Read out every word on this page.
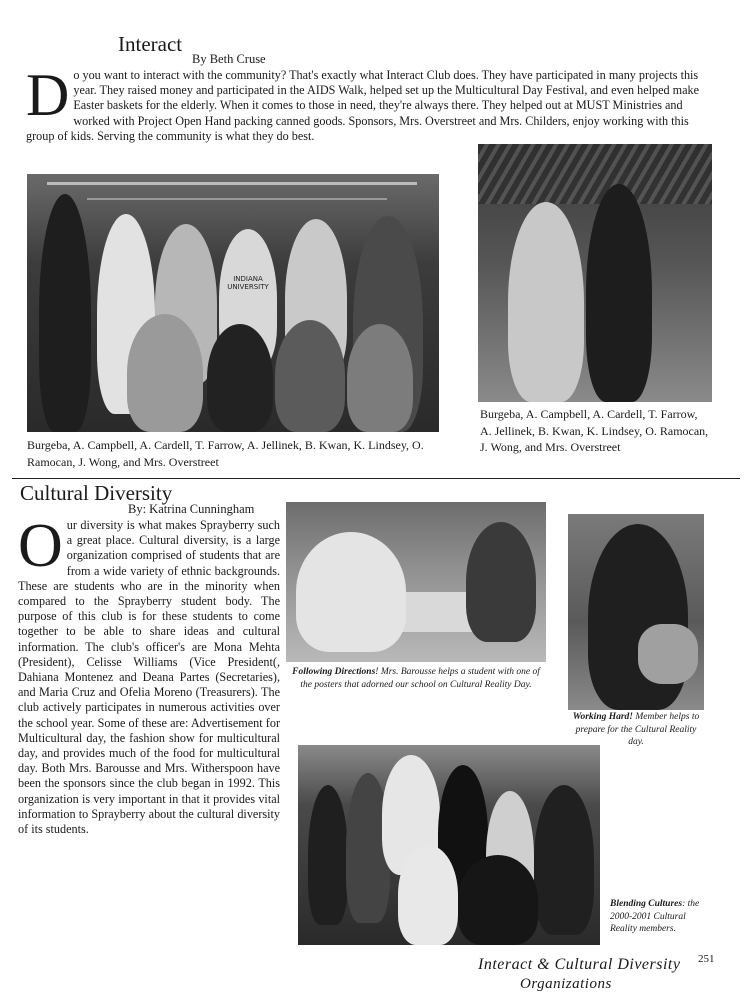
Interact
By Beth Cruse
Do you want to interact with the community? That's exactly what Interact Club does. They have participated in many projects this year. They raised money and participated in the AIDS Walk, helped set up the Multicultural Day Festival, and even helped make Easter baskets for the elderly. When it comes to those in need, they're always there. They helped out at MUST Ministries and worked with Project Open Hand packing canned goods. Sponsors, Mrs. Overstreet and Mrs. Childers, enjoy working with this group of kids. Serving the community is what they do best.
INDIANA UNIVERSITY
Burgeba, A. Campbell, A. Cardell, T. Farrow, A. Jellinek, B. Kwan, K. Lindsey, O. Ramocan, J. Wong, and Mrs. Overstreet
Burgeba, A. Campbell, A. Cardell, T. Farrow, A. Jellinek, B. Kwan, K. Lindsey, O. Ramocan, J. Wong, and Mrs. Overstreet
Cultural Diversity
By: Katrina Cunningham
Our diversity is what makes Sprayberry such a great place. Cultural diversity, is a large organization comprised of students that are from a wide variety of ethnic backgrounds. These are students who are in the minority when compared to the Sprayberry student body. The purpose of this club is for these students to come together to be able to share ideas and cultural information. The club's officer's are Mona Mehta (President), Celisse Williams (Vice President(, Dahiana Montenez and Deana Partes (Secretaries), and Maria Cruz and Ofelia Moreno (Treasurers). The club actively participates in numerous activities over the school year. Some of these are: Advertisement for Multicultural day, the fashion show for multicultural day, and provides much of the food for multicultural day. Both Mrs. Barousse and Mrs. Witherspoon have been the sponsors since the club began in 1992. This organization is very important in that it provides vital information to Sprayberry about the cultural diversity of its students.
Following Directions! Mrs. Barousse helps a student with one of the posters that adorned our school on Cultural Reality Day.
Working Hard! Member helps to prepare for the Cultural Reality day.
Blending Cultures: the 2000-2001 Cultural Reality members.
Interact & Cultural Diversity
Organizations
251
